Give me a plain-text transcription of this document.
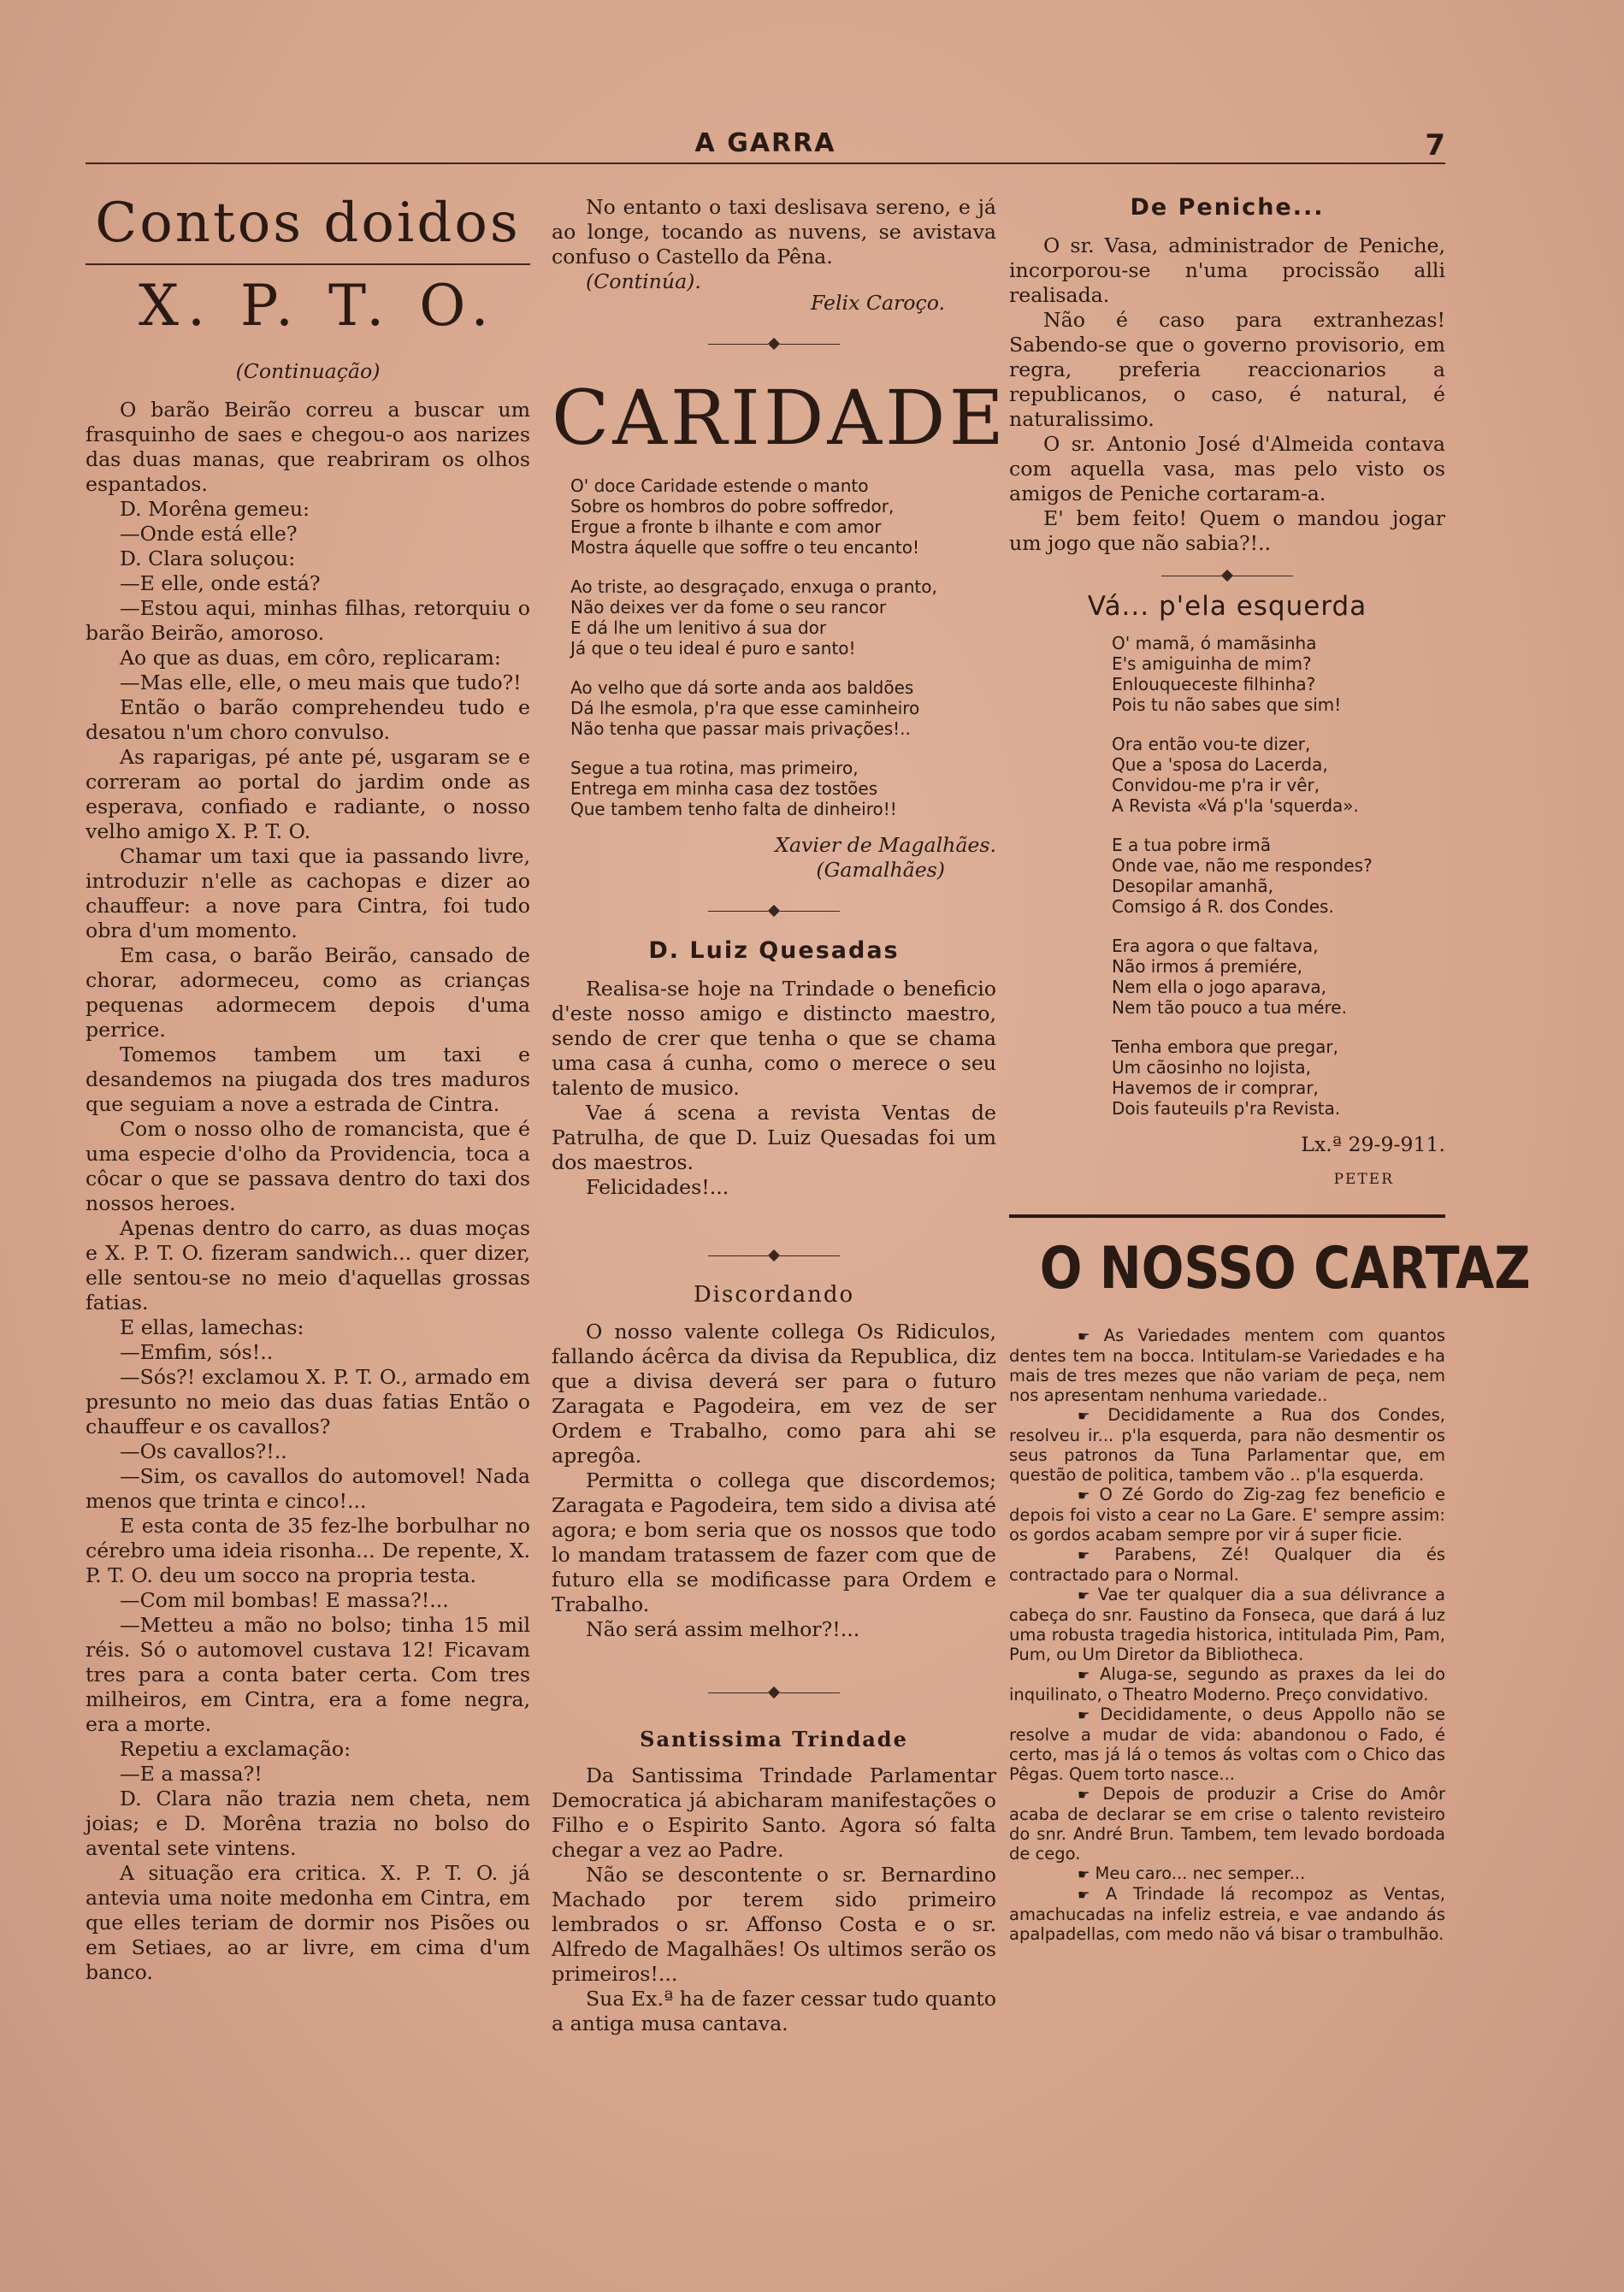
A GARRA	7
Contos doidos
X. P. T. O.
(Continuação)

O barão Beirão correu a buscar um frasquinho de saes e chegou-o aos narizes das duas manas, que reabriram os olhos espantados.

D. Morêna gemeu:

—Onde está elle?

D. Clara soluçou:

—E elle, onde está?

—Estou aqui, minhas filhas, retorquiu o barão Beirão, amoroso.

Ao que as duas, em côro, replicaram:

—Mas elle, elle, o meu mais que tudo?!

Então o barão comprehendeu tudo e desatou n'um choro convulso.

As raparigas, pé ante pé, usgaram se e correram ao portal do jardim onde as esperava, confiado e radiante, o nosso velho amigo X. P. T. O.

Chamar um taxi que ia passando livre, introduzir n'elle as cachopas e dizer ao chauffeur: a nove para Cintra, foi tudo obra d'um momento.

Em casa, o barão Beirão, cansado de chorar, adormeceu, como as crianças pequenas adormecem depois d'uma perrice.

Tomemos tambem um taxi e desandemos na piugada dos tres maduros que seguiam a nove a estrada de Cintra.

Com o nosso olho de romancista, que é uma especie d'olho da Providencia, toca a côcar o que se passava dentro do taxi dos nossos heroes.

Apenas dentro do carro, as duas moças e X. P. T. O. fizeram sandwich... quer dizer, elle sentou-se no meio d'aquellas grossas fatias.

E ellas, lamechas:

—Emfim, sós!..

—Sós?! exclamou X. P. T. O., armado em presunto no meio das duas fatias Então o chauffeur e os cavallos?

—Os cavallos?!..

—Sim, os cavallos do automovel! Nada menos que trinta e cinco!...

E esta conta de 35 fez-lhe borbulhar no cérebro uma ideia risonha... De repente, X. P. T. O. deu um socco na propria testa.

—Com mil bombas! E massa?!...

—Metteu a mão no bolso; tinha 15 mil réis. Só o automovel custava 12! Ficavam tres para a conta bater certa. Com tres milheiros, em Cintra, era a fome negra, era a morte.

Repetiu a exclamação:

—E a massa?!

D. Clara não trazia nem cheta, nem joias; e D. Morêna trazia no bolso do avental sete vintens.

A situação era critica. X. P. T. O. já antevia uma noite medonha em Cintra, em que elles teriam de dormir nos Pisões ou em Setiaes, ao ar livre, em cima d'um banco.

No entanto o taxi deslisava sereno, e já ao longe, tocando as nuvens, se avistava confuso o Castello da Pêna.

(Continúa).
Felix Caroço.
CARIDADE
O' doce Caridade estende o manto
Sobre os hombros do pobre soffredor,
Ergue a fronte b ilhante e com amor
Mostra áquelle que soffre o teu encanto!
Ao triste, ao desgraçado, enxuga o pranto,
Não deixes ver da fome o seu rancor
E dá lhe um lenitivo á sua dor
Já que o teu ideal é puro e santo!
Ao velho que dá sorte anda aos baldões
Dá lhe esmola, p'ra que esse caminheiro
Não tenha que passar mais privações!..
Segue a tua rotina, mas primeiro,
Entrega em minha casa dez tostões
Que tambem tenho falta de dinheiro!!
Xavier de Magalhães.
(Gamalhães)
D. Luiz Quesadas

Realisa-se hoje na Trindade o beneficio d'este nosso amigo e distincto maestro, sendo de crer que tenha o que se chama uma casa á cunha, como o merece o seu talento de musico.

Vae á scena a revista Ventas de Patrulha, de que D. Luiz Quesadas foi um dos maestros.

Felicidades!...

Discordando

O nosso valente collega Os Ridiculos, fallando ácêrca da divisa da Republica, diz que a divisa deverá ser para o futuro Zaragata e Pagodeira, em vez de ser Ordem e Trabalho, como para ahi se apregôa.

Permitta o collega que discordemos; Zaragata e Pagodeira, tem sido a divisa até agora; e bom seria que os nossos que todo lo mandam tratassem de fazer com que de futuro ella se modificasse para Ordem e Trabalho.

Não será assim melhor?!...

Santissima Trindade

Da Santissima Trindade Parlamentar Democratica já abicharam manifestações o Filho e o Espirito Santo. Agora só falta chegar a vez ao Padre.

Não se descontente o sr. Bernardino Machado por terem sido primeiro lembrados o sr. Affonso Costa e o sr. Alfredo de Magalhães! Os ultimos serão os primeiros!...

Sua Ex.ª ha de fazer cessar tudo quanto a antiga musa cantava.

De Peniche...

O sr. Vasa, administrador de Peniche, incorporou-se n'uma procissão alli realisada.

Não é caso para extranhezas! Sabendo-se que o governo provisorio, em regra, preferia reaccionarios a republicanos, o caso, é natural, é naturalissimo.

O sr. Antonio José d'Almeida contava com aquella vasa, mas pelo visto os amigos de Peniche cortaram-a.

E' bem feito! Quem o mandou jogar um jogo que não sabia?!..

Vá... p'ela esquerda
O' mamã, ó mamãsinha
E's amiguinha de mim?
Enlouqueceste filhinha?
Pois tu não sabes que sim!
Ora então vou-te dizer,
Que a 'sposa do Lacerda,
Convidou-me p'ra ir vêr,
A Revista «Vá p'la 'squerda».
E a tua pobre irmã
Onde vae, não me respondes?
Desopilar amanhã,
Comsigo á R. dos Condes.
Era agora o que faltava,
Não irmos á premiére,
Nem ella o jogo aparava,
Nem tão pouco a tua mére.
Tenha embora que pregar,
Um cãosinho no lojista,
Havemos de ir comprar,
Dois fauteuils p'ra Revista.
Lx.ª 29-9-911.
PETER
O NOSSO CARTAZ

☛ As Variedades mentem com quantos dentes tem na bocca. Intitulam-se Variedades e ha mais de tres mezes que não variam de peça, nem nos apresentam nenhuma variedade..

☛ Decididamente a Rua dos Condes, resolveu ir... p'la esquerda, para não desmentir os seus patronos da Tuna Parlamentar que, em questão de politica, tambem vão .. p'la esquerda.

☛ O Zé Gordo do Zig-zag fez beneficio e depois foi visto a cear no La Gare. E' sempre assim: os gordos acabam sempre por vir á super ficie.

☛ Parabens, Zé! Qualquer dia és contractado para o Normal.

☛ Vae ter qualquer dia a sua délivrance a cabeça do snr. Faustino da Fonseca, que dará á luz uma robusta tragedia historica, intitulada Pim, Pam, Pum, ou Um Diretor da Bibliotheca.

☛ Aluga-se, segundo as praxes da lei do inquilinato, o Theatro Moderno. Preço convidativo.

☛ Decididamente, o deus Appollo não se resolve a mudar de vida: abandonou o Fado, é certo, mas já lá o temos ás voltas com o Chico das Pêgas. Quem torto nasce...

☛ Depois de produzir a Crise do Amôr acaba de declarar se em crise o talento revisteiro do snr. André Brun. Tambem, tem levado bordoada de cego.

☛ Meu caro... nec semper...

☛ A Trindade lá recompoz as Ventas, amachucadas na infeliz estreia, e vae andando ás apalpadellas, com medo não vá bisar o trambulhão.
